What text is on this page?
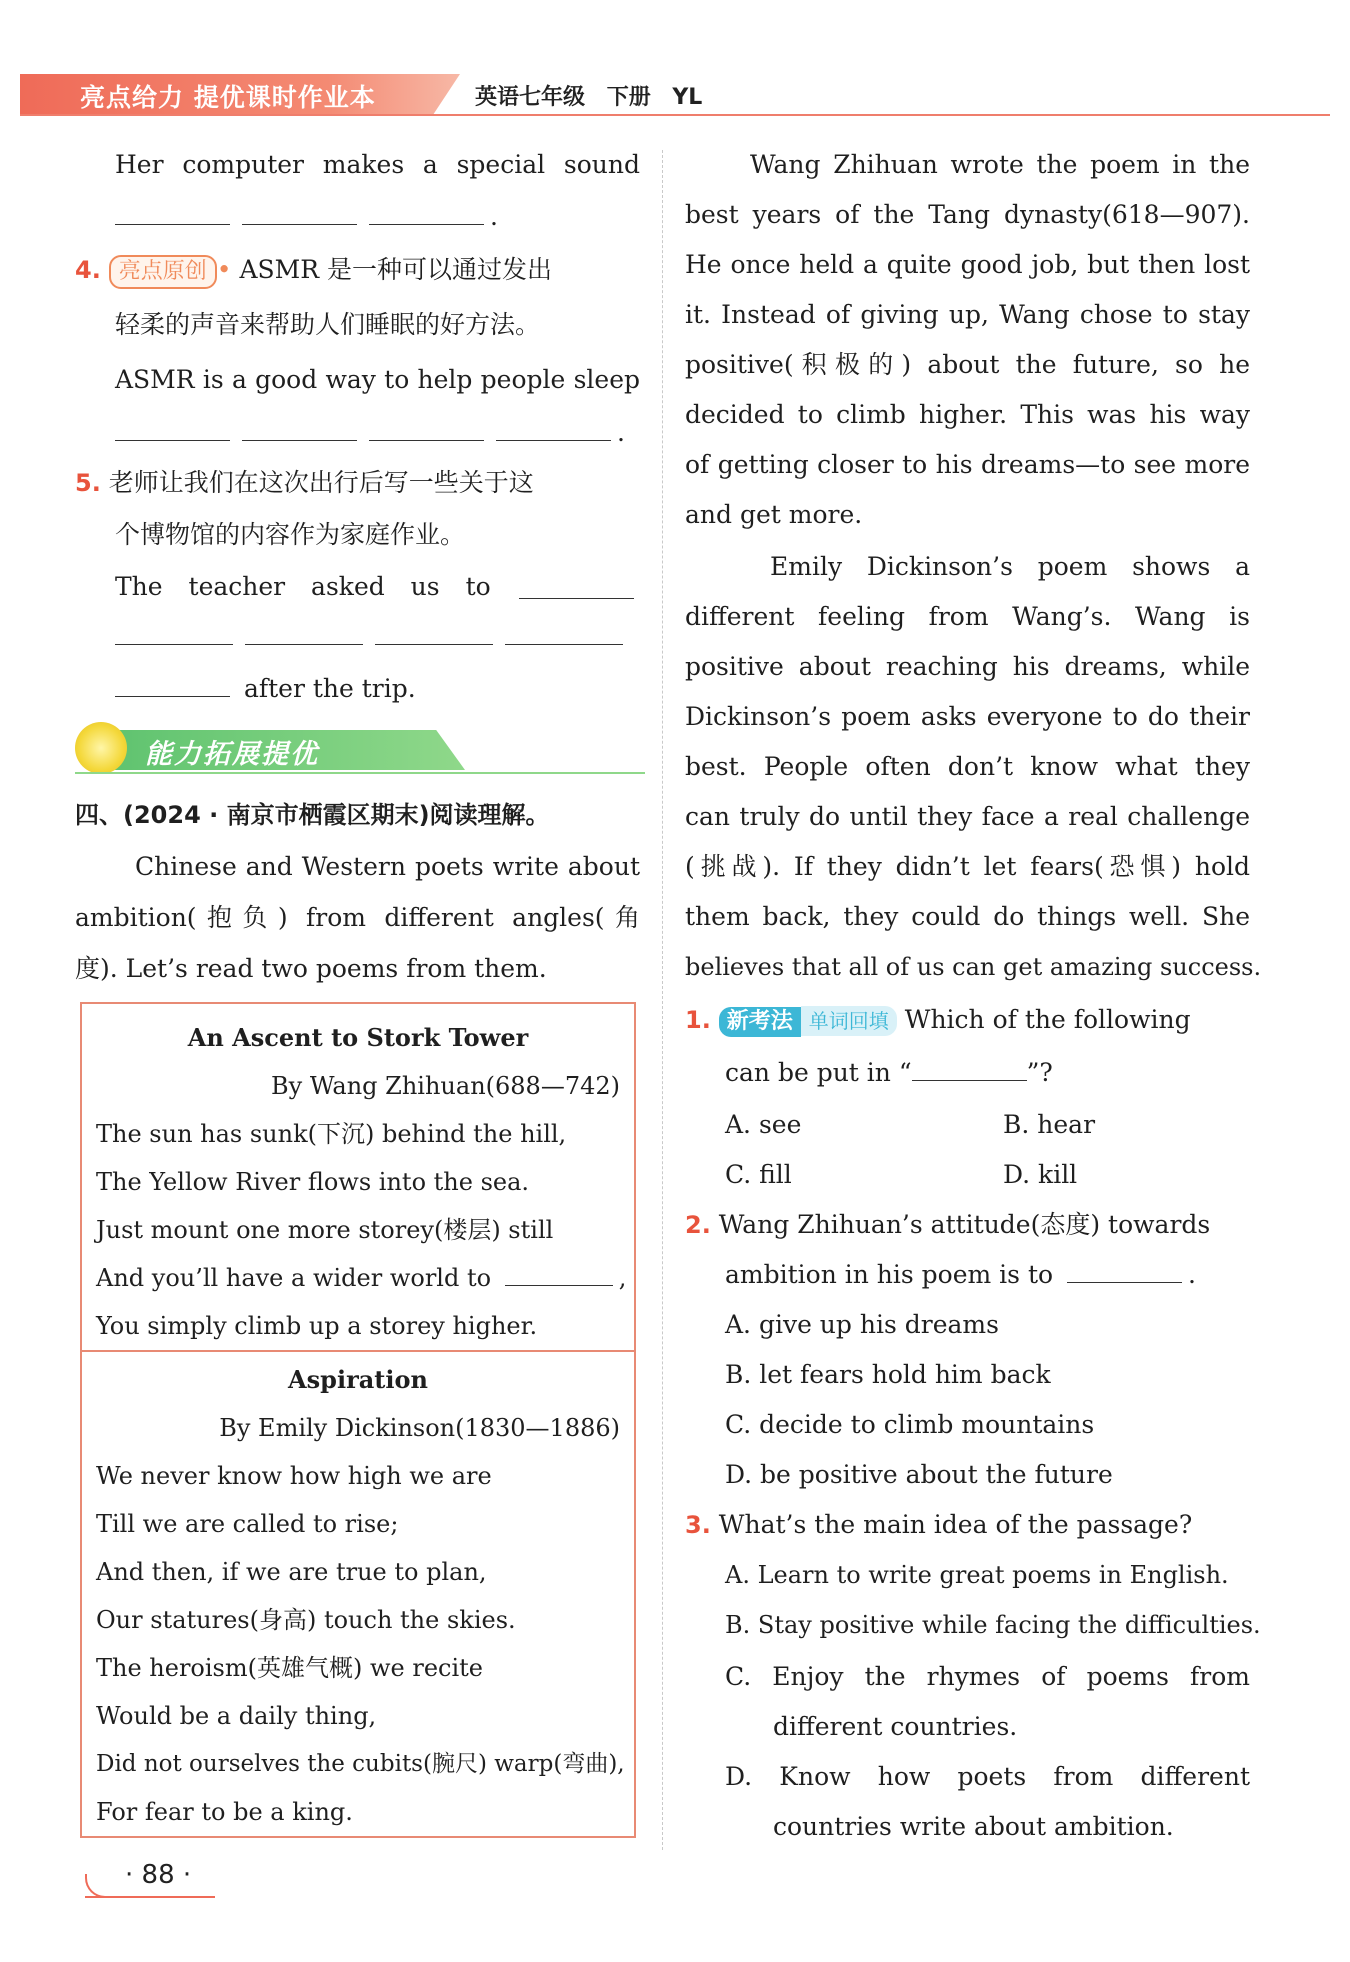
亮点给力 提优课时作业本	英语七年级 下册 YL
Her computer makes a special sound
.
4. 亮点原创 • ASMR 是一种可以通过发出
轻柔的声音来帮助人们睡眠的好方法。
ASMR is a good way to help people sleep
.
5. 老师让我们在这次出行后写一些关于这
个博物馆的内容作为家庭作业。
The teacher asked us to
after the trip.
能力拓展提优
四、(2024 · 南京市栖霞区期末)阅读理解。
Chinese and Western poets write about
ambition(抱负) from different angles(角
度). Let’s read two poems from them.
An Ascent to Stork Tower
By Wang Zhihuan(688—742)
The sun has sunk(下沉) behind the hill,
The Yellow River flows into the sea.
Just mount one more storey(楼层) still
And you’ll have a wider world to	,
You simply climb up a storey higher.
Aspiration
By Emily Dickinson(1830—1886)
We never know how high we are
Till we are called to rise;
And then, if we are true to plan,
Our statures(身高) touch the skies.
The heroism(英雄气概) we recite
Would be a daily thing,
Did not ourselves the cubits(腕尺) warp(弯曲),
For fear to be a king.
Wang Zhihuan wrote the poem in the
best years of the Tang dynasty(618—907).
He once held a quite good job, but then lost
it. Instead of giving up, Wang chose to stay
positive(积极的) about the future, so he
decided to climb higher. This was his way
of getting closer to his dreams—to see more
and get more.
Emily Dickinson’s poem shows a
different feeling from Wang’s. Wang is
positive about reaching his dreams, while
Dickinson’s poem asks everyone to do their
best. People often don’t know what they
can truly do until they face a real challenge
(挑战). If they didn’t let fears(恐惧) hold
them back, they could do things well. She
believes that all of us can get amazing success.
1. 新考法 单词回填 Which of the following
can be put in “	”?
A. see	B. hear
C. fill	D. kill
2. Wang Zhihuan’s attitude(态度) towards
ambition in his poem is to	.
A. give up his dreams
B. let fears hold him back
C. decide to climb mountains
D. be positive about the future
3. What’s the main idea of the passage?
A. Learn to write great poems in English.
B. Stay positive while facing the difficulties.
C. Enjoy the rhymes of poems from
different countries.
D. Know how poets from different
countries write about ambition.
· 88 ·
